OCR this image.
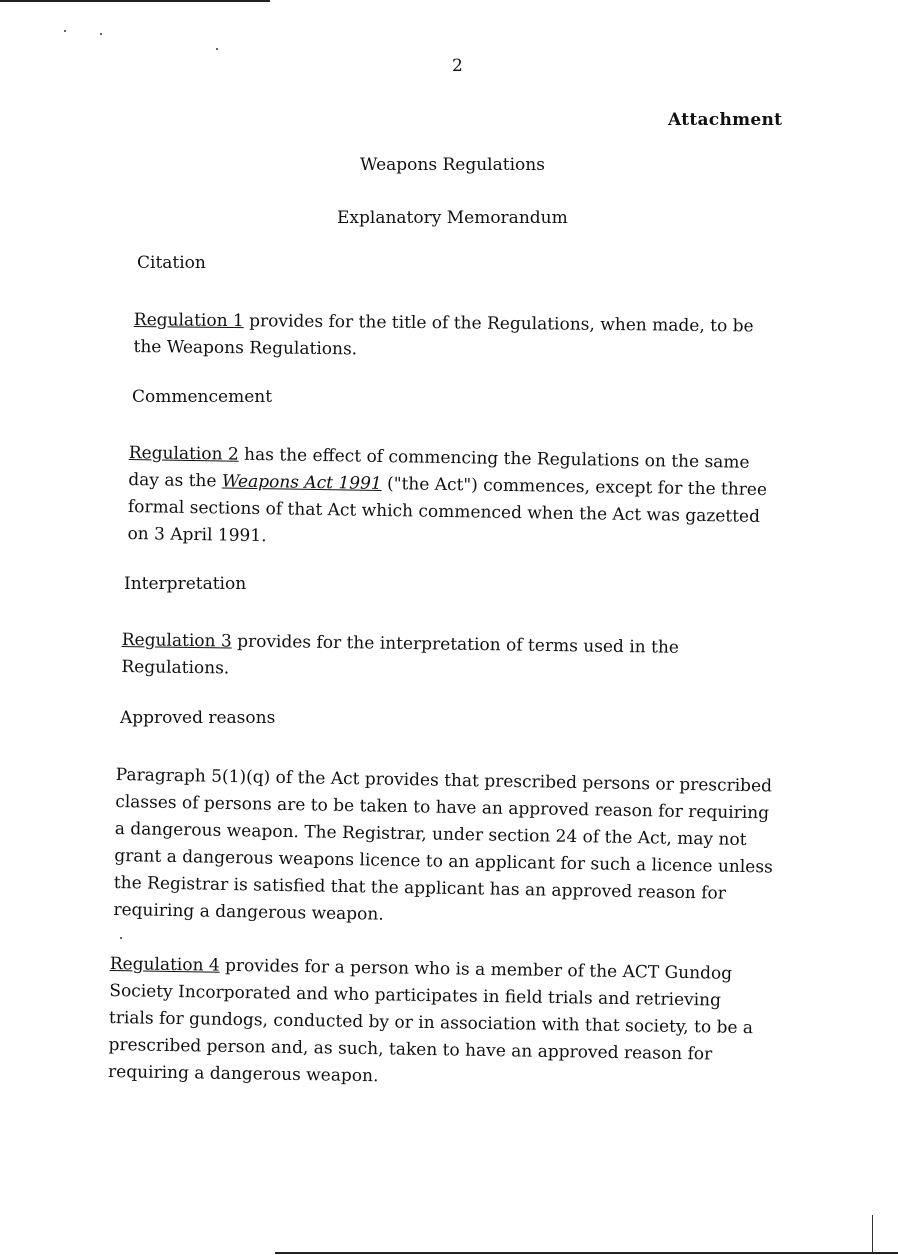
2
Attachment
Weapons Regulations
Explanatory Memorandum
Citation
Regulation 1 provides for the title of the Regulations, when made, to be
the Weapons Regulations.
Commencement
Regulation 2 has the effect of commencing the Regulations on the same
day as the Weapons Act 1991 ("the Act") commences, except for the three
formal sections of that Act which commenced when the Act was gazetted
on 3 April 1991.
Interpretation
Regulation 3 provides for the interpretation of terms used in the
Regulations.
Approved reasons
Paragraph 5(1)(q) of the Act provides that prescribed persons or prescribed
classes of persons are to be taken to have an approved reason for requiring
a dangerous weapon. The Registrar, under section 24 of the Act, may not
grant a dangerous weapons licence to an applicant for such a licence unless
the Registrar is satisfied that the applicant has an approved reason for
requiring a dangerous weapon.
Regulation 4 provides for a person who is a member of the ACT Gundog
Society Incorporated and who participates in field trials and retrieving
trials for gundogs, conducted by or in association with that society, to be a
prescribed person and, as such, taken to have an approved reason for
requiring a dangerous weapon.
